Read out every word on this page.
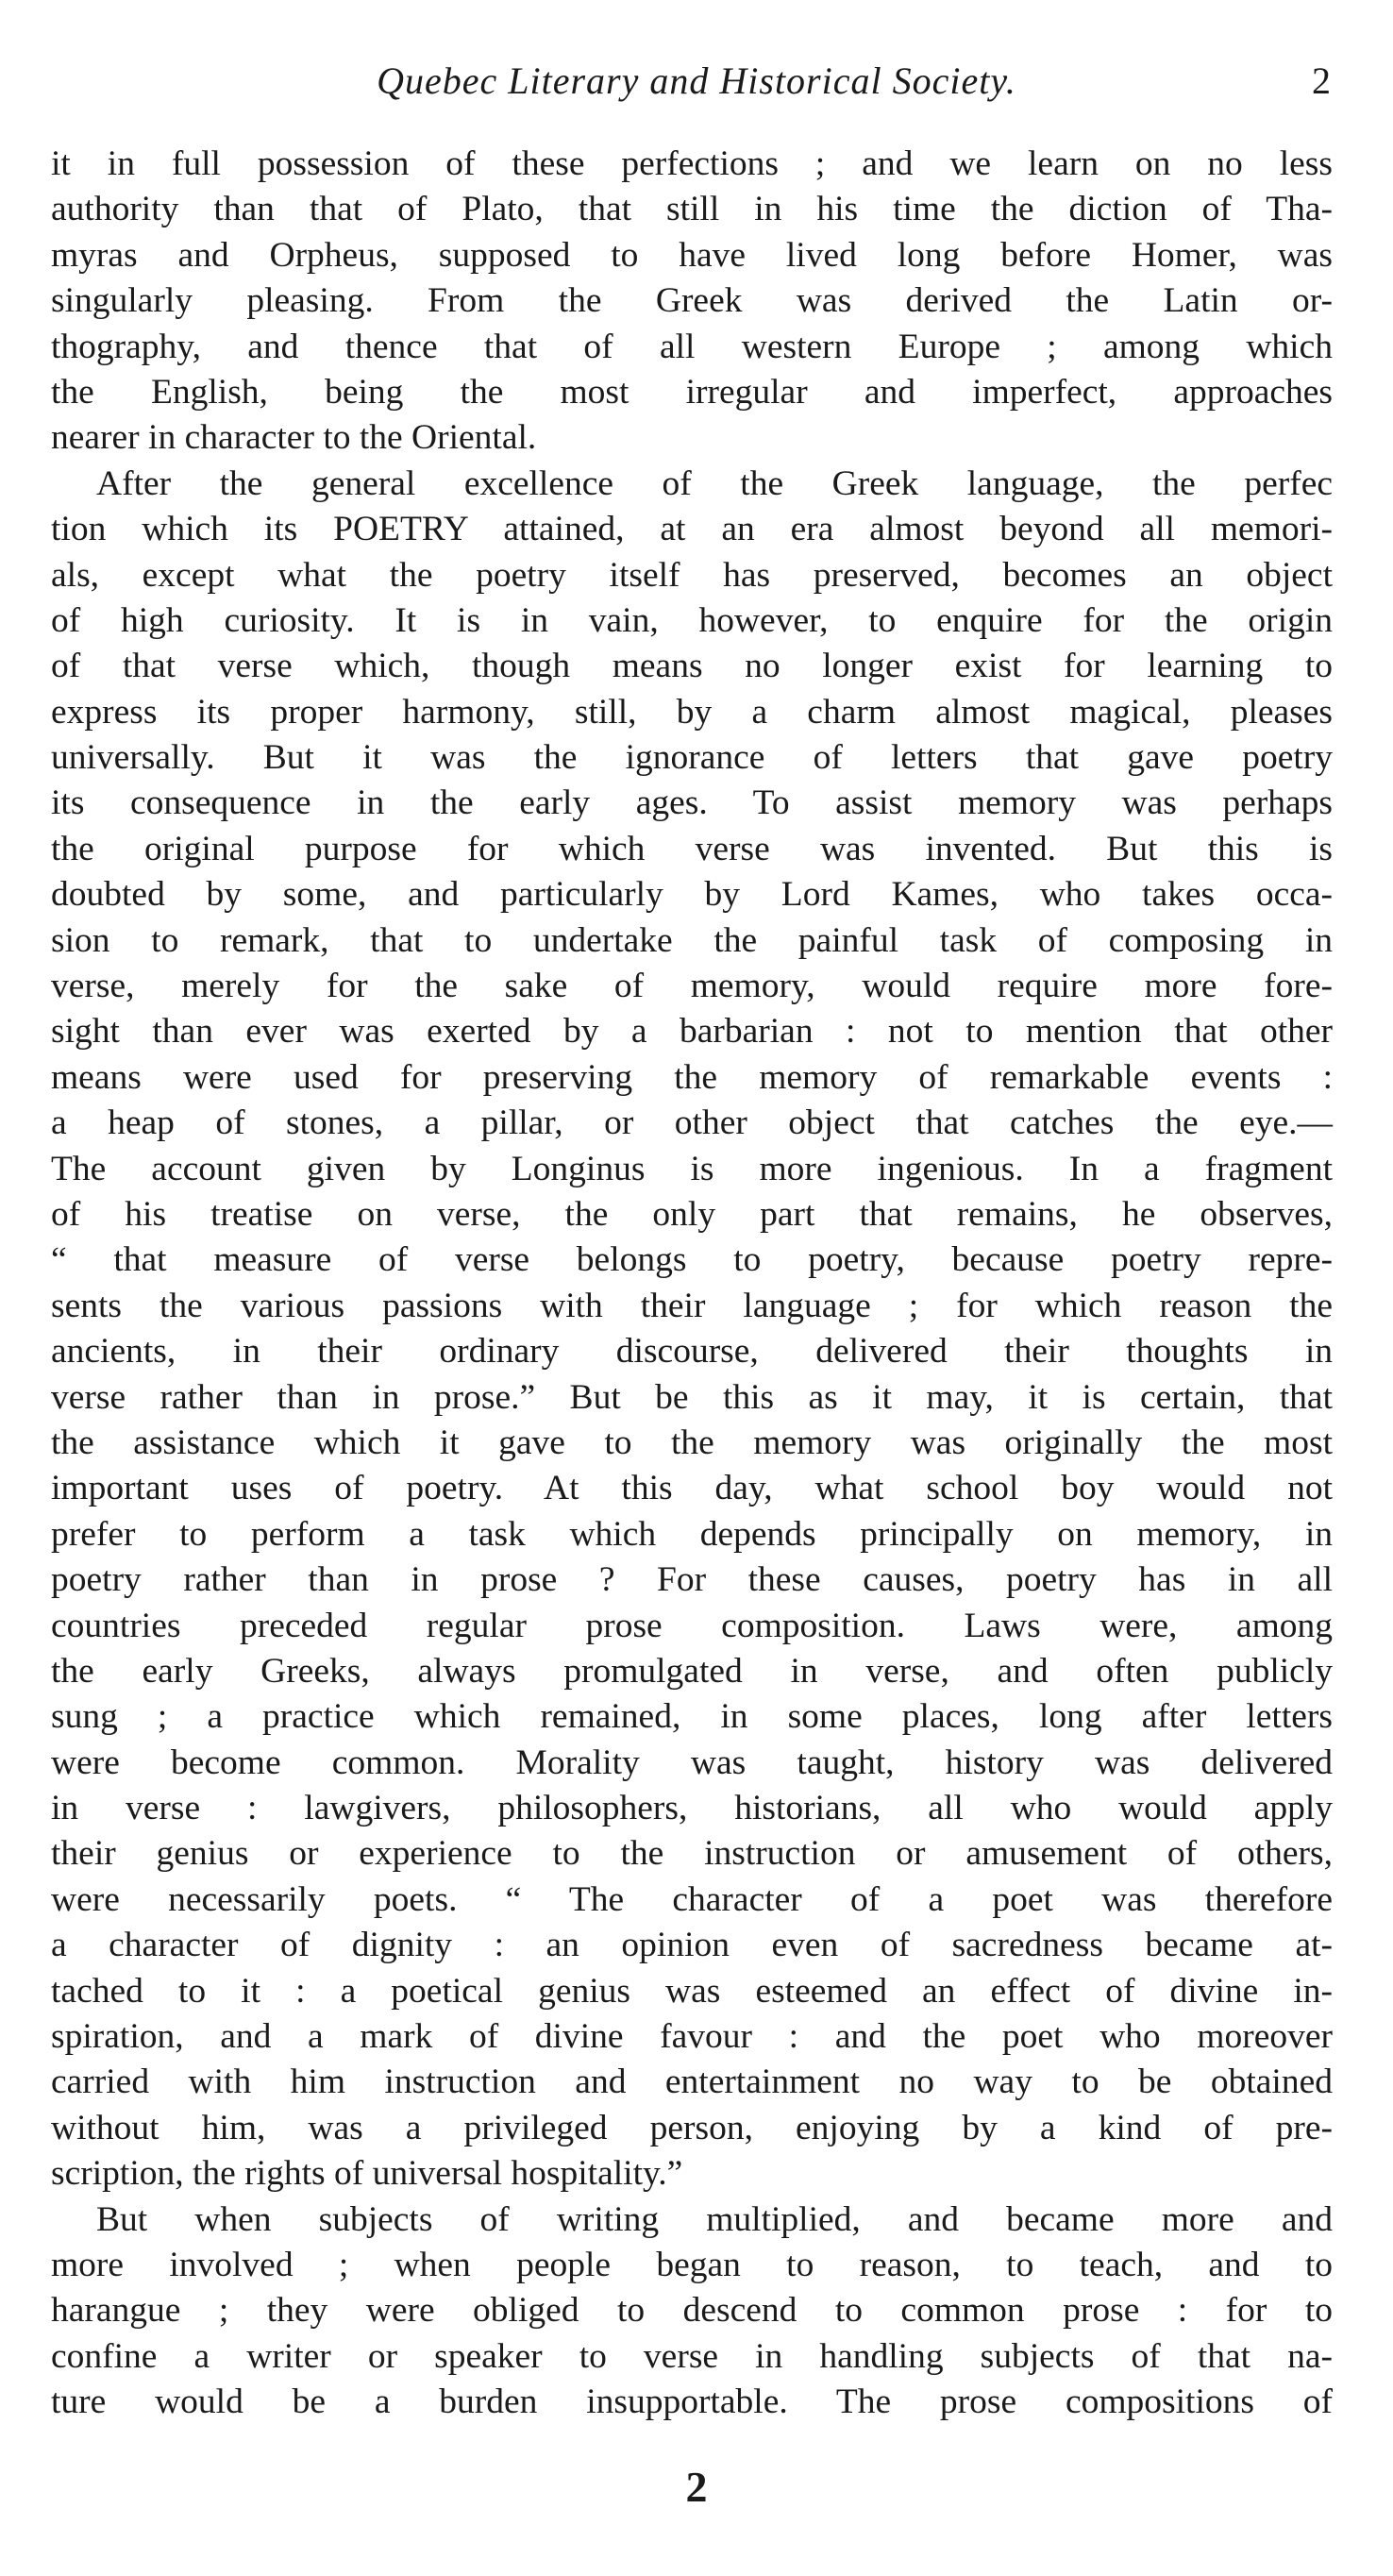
Quebec Literary and Historical Society.	2
it in full possession of these perfections ; and we learn on no less
authority than that of Plato, that still in his time the diction of Tha-
myras and Orpheus, supposed to have lived long before Homer, was
singularly pleasing. From the Greek was derived the Latin or-
thography, and thence that of all western Europe ; among which
the English, being the most irregular and imperfect, approaches
nearer in character to the Oriental.
After the general excellence of the Greek language, the perfec
tion which its POETRY attained, at an era almost beyond all memori-
als, except what the poetry itself has preserved, becomes an object
of high curiosity. It is in vain, however, to enquire for the origin
of that verse which, though means no longer exist for learning to
express its proper harmony, still, by a charm almost magical, pleases
universally. But it was the ignorance of letters that gave poetry
its consequence in the early ages. To assist memory was perhaps
the original purpose for which verse was invented. But this is
doubted by some, and particularly by Lord Kames, who takes occa-
sion to remark, that to undertake the painful task of composing in
verse, merely for the sake of memory, would require more fore-
sight than ever was exerted by a barbarian : not to mention that other
means were used for preserving the memory of remarkable events :
a heap of stones, a pillar, or other object that catches the eye.—
The account given by Longinus is more ingenious. In a fragment
of his treatise on verse, the only part that remains, he observes,
“ that measure of verse belongs to poetry, because poetry repre-
sents the various passions with their language ; for which reason the
ancients, in their ordinary discourse, delivered their thoughts in
verse rather than in prose.” But be this as it may, it is certain, that
the assistance which it gave to the memory was originally the most
important uses of poetry. At this day, what school boy would not
prefer to perform a task which depends principally on memory, in
poetry rather than in prose ? For these causes, poetry has in all
countries preceded regular prose composition. Laws were, among
the early Greeks, always promulgated in verse, and often publicly
sung ; a practice which remained, in some places, long after letters
were become common. Morality was taught, history was delivered
in verse : lawgivers, philosophers, historians, all who would apply
their genius or experience to the instruction or amusement of others,
were necessarily poets. “ The character of a poet was therefore
a character of dignity : an opinion even of sacredness became at-
tached to it : a poetical genius was esteemed an effect of divine in-
spiration, and a mark of divine favour : and the poet who moreover
carried with him instruction and entertainment no way to be obtained
without him, was a privileged person, enjoying by a kind of pre-
scription, the rights of universal hospitality.”
But when subjects of writing multiplied, and became more and
more involved ; when people began to reason, to teach, and to
harangue ; they were obliged to descend to common prose : for to
confine a writer or speaker to verse in handling subjects of that na-
ture would be a burden insupportable. The prose compositions of
2
